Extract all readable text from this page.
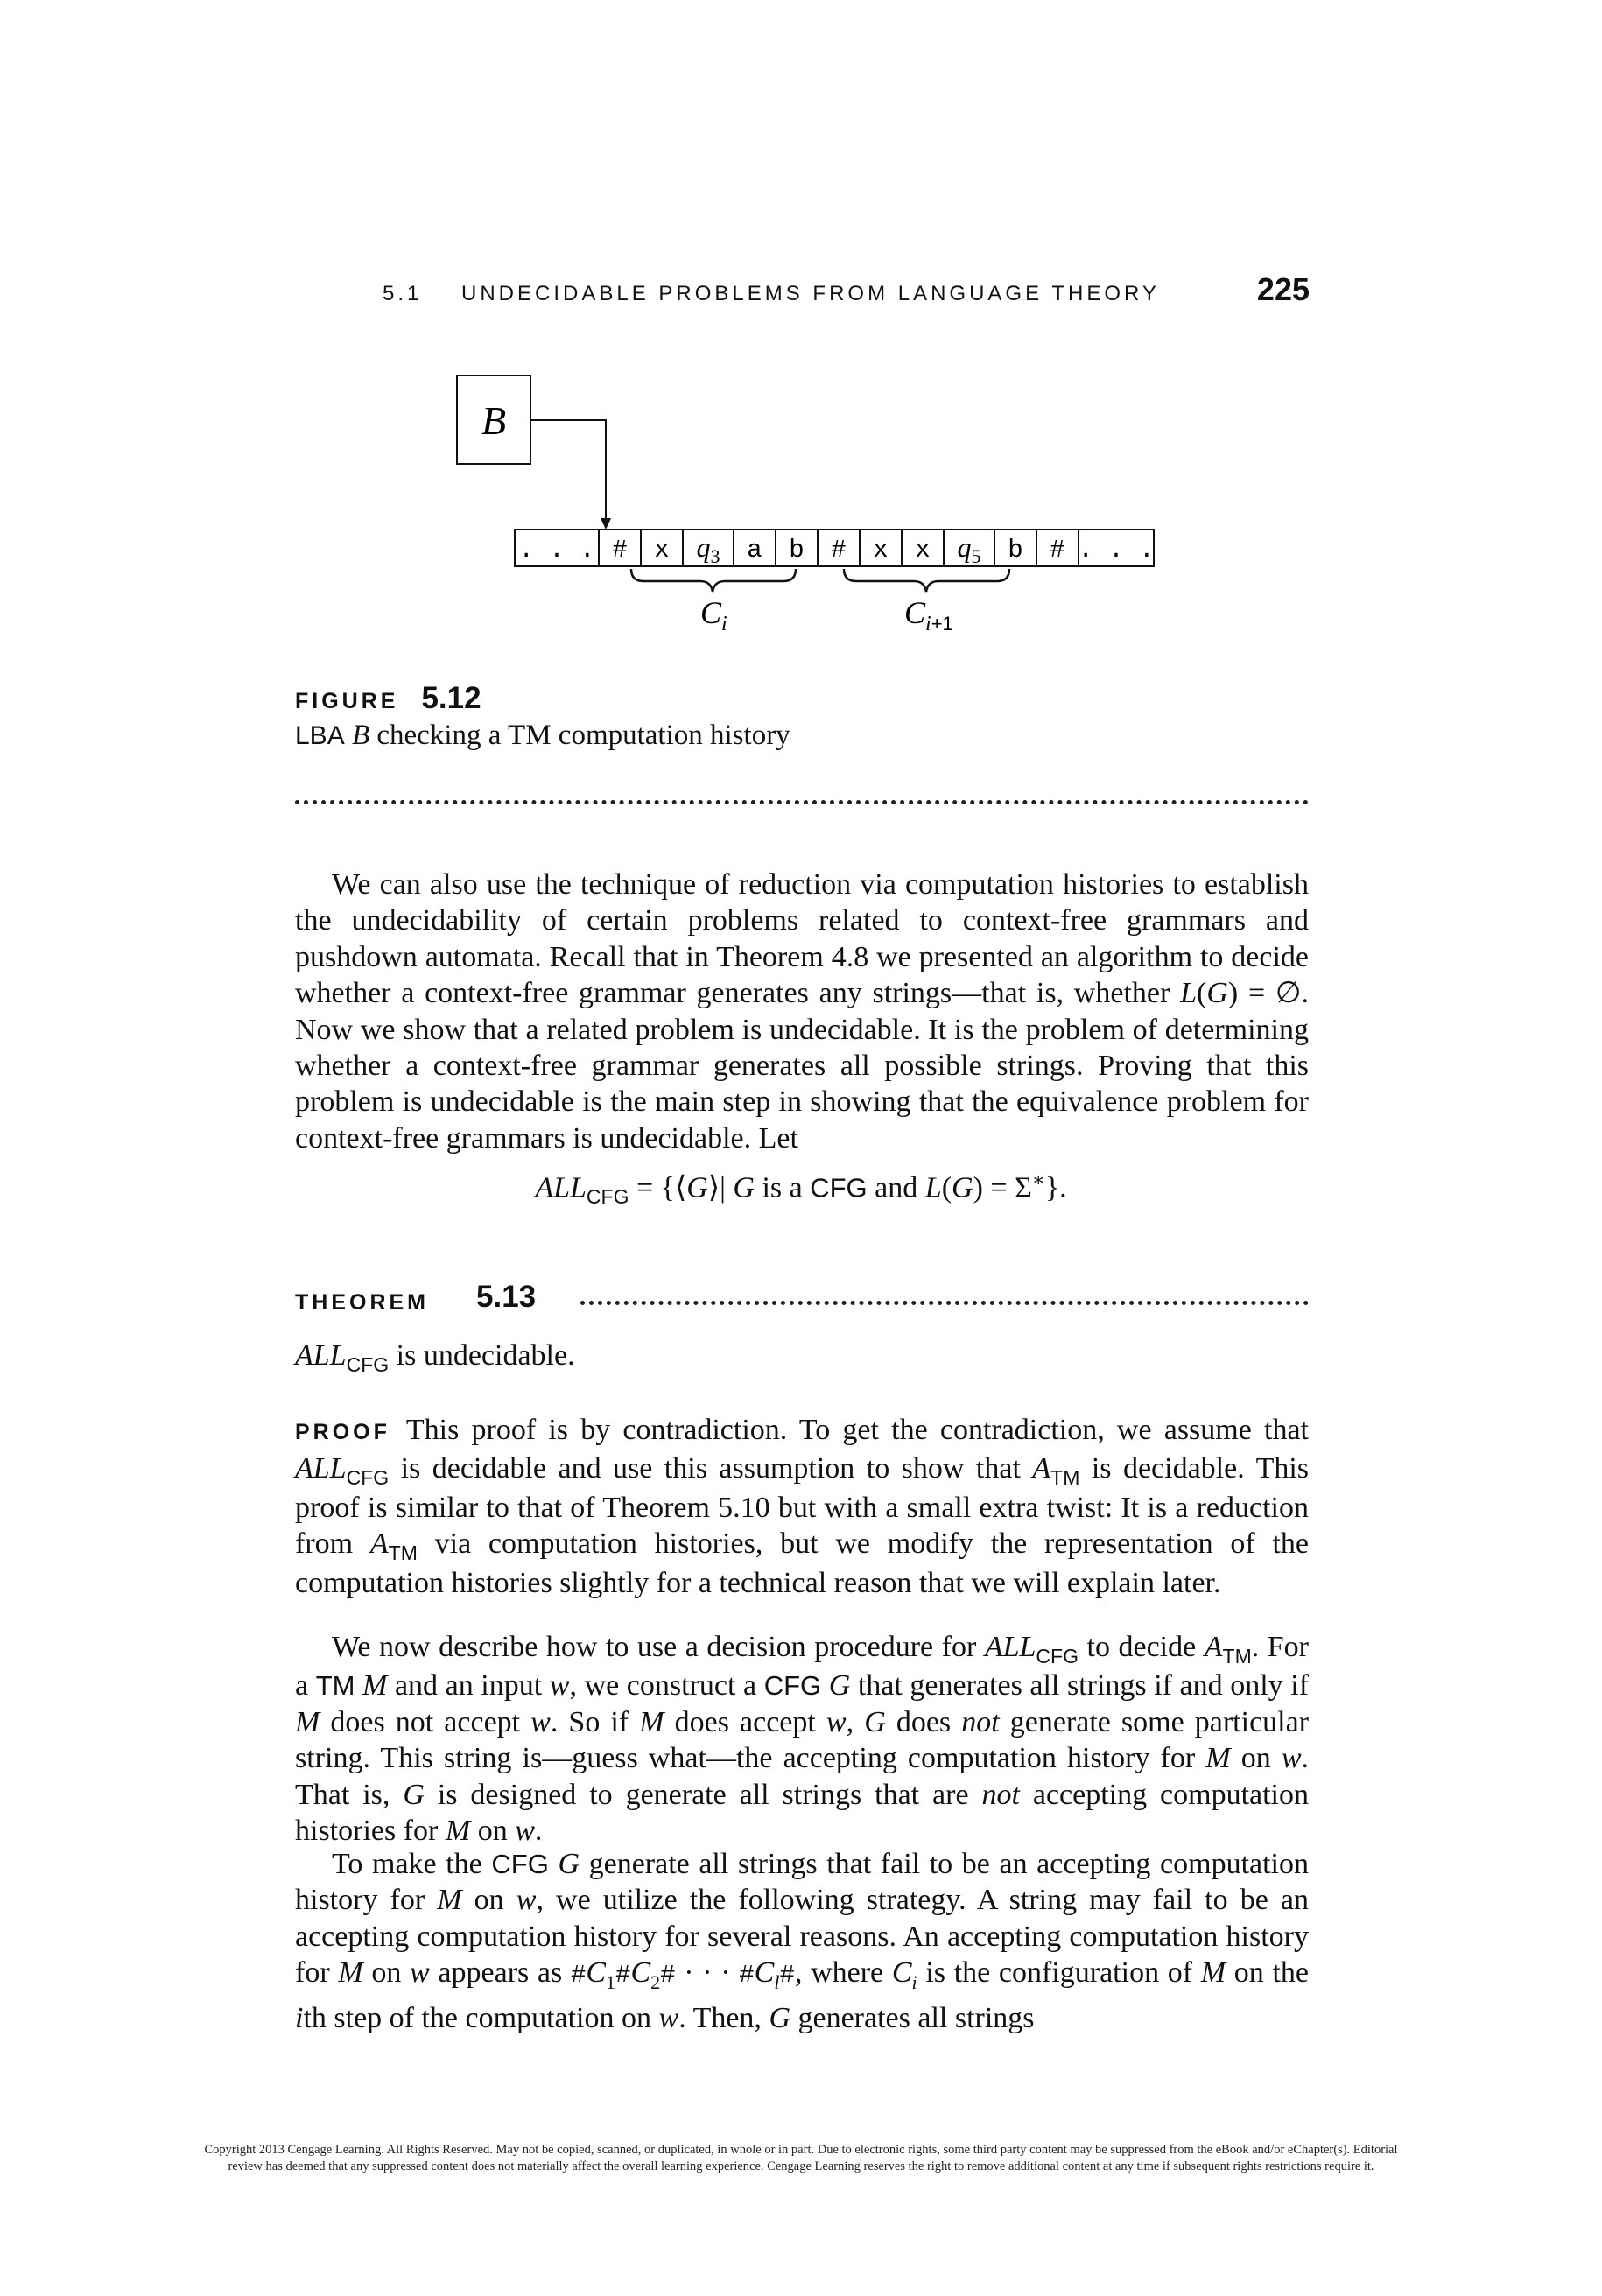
5.1 UNDECIDABLE PROBLEMS FROM LANGUAGE THEORY	225
B
. . . # x $q_3$ a b # x x $q_5$ b # . . .
$C_i$	$C_i+1$
FIGURE 5.12
LBA B checking a TM computation history

We can also use the technique of reduction via computation histories to establish the undecidability of certain problems related to context-free grammars and pushdown automata. Recall that in Theorem 4.8 we presented an algorithm to decide whether a context-free grammar generates any strings—that is, whether L(G) = ∅. Now we show that a related problem is undecidable. It is the problem of determining whether a context-free grammar generates all possible strings. Proving that this problem is undecidable is the main step in showing that the equivalence problem for context-free grammars is undecidable. Let

$ALL_{CFG}$ = {⟨G⟩| G is a CFG and L(G) = Σ∗}.
THEOREM 5.13
$ALL_{CFG}$ is undecidable.

PROOF This proof is by contradiction. To get the contradiction, we assume that $ALL_{CFG}$ is decidable and use this assumption to show that $A_{TM}$ is decidable. This proof is similar to that of Theorem 5.10 but with a small extra twist: It is a reduction from $A_{TM}$ via computation histories, but we modify the representation of the computation histories slightly for a technical reason that we will explain later.

We now describe how to use a decision procedure for $ALL_{CFG}$ to decide $A_{TM}$. For a TM M and an input w, we construct a CFG G that generates all strings if and only if M does not accept w. So if M does accept w, G does not generate some particular string. This string is—guess what—the accepting computation history for M on w. That is, G is designed to generate all strings that are not accepting computation histories for M on w.

To make the CFG G generate all strings that fail to be an accepting computation history for M on w, we utilize the following strategy. A string may fail to be an accepting computation history for several reasons. An accepting computation history for M on w appears as $\#C_1\#C_2\#$ · · · $\#C_l\#$, where $C_i$ is the configuration of M on the ith step of the computation on w. Then, G generates all strings

Copyright 2013 Cengage Learning. All Rights Reserved. May not be copied, scanned, or duplicated, in whole or in part. Due to electronic rights, some third party content may be suppressed from the eBook and/or eChapter(s). Editorial review has deemed that any suppressed content does not materially affect the overall learning experience. Cengage Learning reserves the right to remove additional content at any time if subsequent rights restrictions require it.
